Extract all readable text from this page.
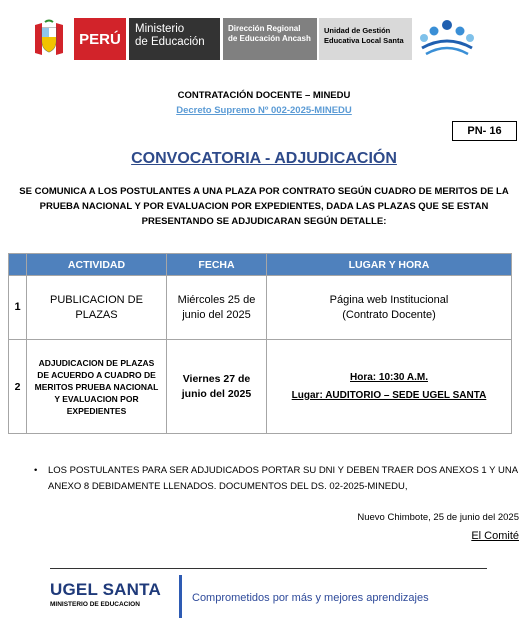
PERÚ
Ministerio
de Educación
Dirección Regional
de Educación Ancash
Unidad de Gestión
Educativa Local Santa
CONTRATACIÓN DOCENTE – MINEDU
Decreto Supremo Nº 002-2025-MINEDU
PN- 16
CONVOCATORIA - ADJUDICACIÓN
SE COMUNICA A LOS POSTULANTES A UNA PLAZA POR CONTRATO SEGÚN CUADRO DE MERITOS DE LA PRUEBA NACIONAL Y POR EVALUACION POR EXPEDIENTES, DADA LAS PLAZAS QUE SE ESTAN PRESENTANDO SE ADJUDICARAN SEGÚN DETALLE:
	ACTIVIDAD	FECHA	LUGAR Y HORA
1	PUBLICACION DE PLAZAS	Miércoles 25 de junio del 2025	Página web Institucional
(Contrato Docente)

2	ADJUDICACION DE PLAZAS DE ACUERDO A CUADRO DE MERITOS PRUEBA NACIONAL Y EVALUACION POR EXPEDIENTES	Viernes 27 de junio del 2025	Hora: 10:30 A.M.
Lugar: AUDITORIO – SEDE UGEL SANTA
• LOS POSTULANTES PARA SER ADJUDICADOS PORTAR SU DNI Y DEBEN TRAER DOS ANEXOS 1 Y UNA ANEXO 8 DEBIDAMENTE LLENADOS. DOCUMENTOS DEL DS. 02-2025-MINEDU,
Nuevo Chimbote, 25 de junio del 2025
El Comité
UGEL SANTA
MINISTERIO DE EDUCACION
Comprometidos por más y mejores aprendizajes
